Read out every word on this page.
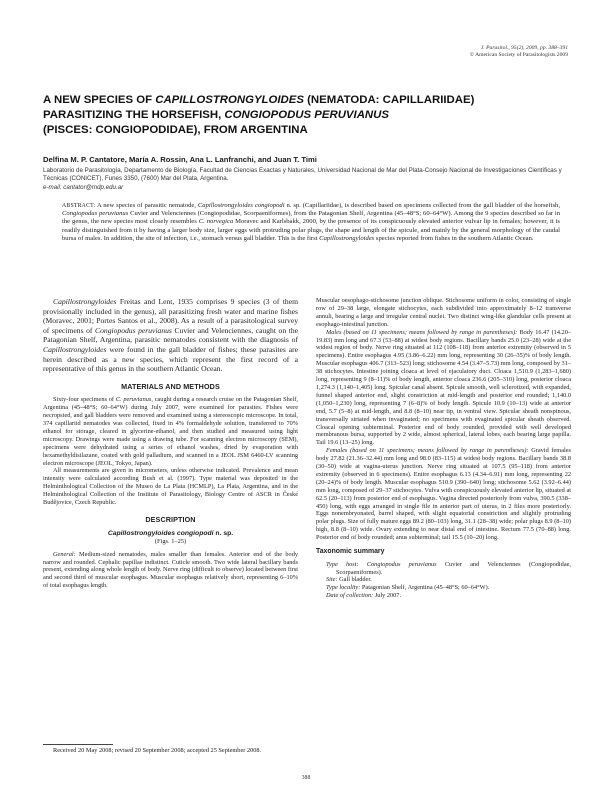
J. Parasitol., 95(2), 2009, pp. 388–391
© American Society of Parasitologists 2009
A NEW SPECIES OF CAPILLOSTRONGYLOIDES (NEMATODA: CAPILLARIIDAE)
PARASITIZING THE HORSEFISH, CONGIOPODUS PERUVIANUS
(PISCES: CONGIOPODIDAE), FROM ARGENTINA
Delfina M. P. Cantatore, María A. Rossin, Ana L. Lanfranchi, and Juan T. Timi
Laboratorio de Parasitología, Departamento de Biología, Facultad de Ciencias Exactas y Naturales, Universidad Nacional de Mar del Plata-Consejo Nacional de Investigaciones Científicas y Técnicas (CONICET), Funes 3350, (7600) Mar del Plata, Argentina.
e-mail: cantator@mdp.edu.ar
ABSTRACT: A new species of parasitic nematode, Capillostrongyloides congiopodi n. sp. (Capillariidae), is described based on specimens collected from the gall bladder of the horsefish, Congiopodus peruvianus Cuvier and Velenciennes (Congiopodidae, Scorpaeniformes), from the Patagonian Shelf, Argentina (45–48°S; 60–64°W). Among the 9 species described so far in the genus, the new species most closely resembles C. norvegica Moravec and Karlsbakk, 2000, by the presence of its conspicuously elevated anterior vulvar lip in females; however, it is readily distinguished from it by having a larger body size, larger eggs with protruding polar plugs, the shape and length of the spicule, and mainly by the general morphology of the caudal bursa of males. In addition, the site of infection, i.e., stomach versus gall bladder. This is the first Capillostrongyloides species reported from fishes in the southern Atlantic Ocean.

Capillostrongyloides Freitas and Lent, 1935 comprises 9 species (3 of them provisionally included in the genus), all parasitizing fresh water and marine fishes (Moravec, 2001; Portes Santos et al., 2008). As a result of a parasitological survey of specimens of Congiopodus peruvianus Cuvier and Velenciennes, caught on the Patagonian Shelf, Argentina, parasitic nematodes consistent with the diagnosis of Capillostrongyloides were found in the gall bladder of fishes; these parasites are herein described as a new species, which represent the first record of a representative of this genus in the southern Atlantic Ocean.

MATERIALS AND METHODS

Sixty-four specimens of C. peruvianus, caught during a research cruise on the Patagonian Shelf, Argentina (45–48°S; 60–64°W) during July 2007, were examined for parasites. Fishes were necropsied, and gall bladders were removed and examined using a stereoscopic microscope. In total, 374 capillariid nematodes was collected, fixed in 4% formaldehyde solution, transferred to 70% ethanol for storage, cleared in glycerine-ethanol, and then studied and measured using light microscopy. Drawings were made using a drawing tube. For scanning electron microscopy (SEM), specimens were dehydrated using a series of ethanol washes, dried by evaporation with hexamethyldisilazane, coated with gold palladium, and scanned in a JEOL JSM 6460-LV scanning electron microscope (JEOL, Tokyo, Japan).

All measurements are given in micrometers, unless otherwise indicated. Prevalence and mean intensity were calculated according Bush et al. (1997). Type material was deposited in the Helminthological Collection of the Museo de La Plata (HCMLP), La Plata, Argentina, and in the Helminthological Collection of the Institute of Parasitology, Biology Centre of ASCR in České Budějovice, Czech Republic.

DESCRIPTION
Capillostrongyloides congiopodi n. sp.

(Figs. 1–25)

General: Medium-sized nematodes, males smaller than females. Anterior end of the body narrow and rounded. Cephalic papillae indistinct. Cuticle smooth. Two wide lateral bacillary bands present, extending along whole length of body. Nerve ring (difficult to observe) located between first and second third of muscular esophagus. Muscular esophagus relatively short, representing 6–10% of total esophagus length.

Muscular oesophago-stichosome junction oblique. Stichosome uniform in color, consisting of single row of 29–38 large, elongate stichocytes, each subdivided into approximately 8–12 transverse annuli, bearing a large and irregular central nuclei. Two distinct wing-like glandular cells present at esophago-intestinal junction.

Males (based on 11 specimens; means followed by range in parentheses): Body 16.47 (14.20–19.83) mm long and 67.3 (53–88) at widest body regions. Bacillary bands 25.0 (23–28) wide at the widest region of body. Nerve ring situated at 112 (108–118) from anterior extremity (observed in 5 specimens). Entire esophagus 4.95 (3.86–6.22) mm long, representing 30 (26–35)% of body length. Muscular esophagus 406.7 (313–523) long; stichosome 4.54 (3.47–5.73) mm long, composed by 31–38 stichocytes. Intestine joining cloaca at level of ejaculatory duct. Cloaca 1,510.9 (1,283–1,680) long, representing 9 (8–11)% of body length, anterior cloaca 236.6 (205–310) long, posterior cloaca 1,274.3 (1,140–1,405) long. Spicular canal absent. Spicule smooth, well sclerotized, with expanded, funnel shaped anterior end, slight constriction at mid-length and posterior end rounded; 1,140.0 (1,050–1,230) long, representing 7 (6–8)% of body length. Spicule 10.9 (10–13) wide at anterior end, 5.7 (5–8) at mid-length, and 8.8 (8–10) near tip, in ventral view. Spicular sheath nonspinous, transversally striated when invaginated; no specimens with evaginated spicular sheath observed. Cloacal opening subterminal. Posterior end of body rounded, provided with well developed membranous bursa, supported by 2 wide, almost spherical, lateral lobes, each bearing large papilla. Tail 19.6 (13–25) long.

Females (based on 11 specimens; means followed by range in parentheses): Gravid females body 27.82 (21.36–32.44) mm long and 98.0 (83–115) at widest body regions. Bacillary bands 38.8 (30–50) wide at vagina-uterus junction. Nerve ring situated at 107.5 (95–118) from anterior extremity (observed in 6 specimens). Entire esophagus 6.13 (4.34–6.91) mm long, representing 22 (20–24)% of body length. Muscular esophagus 510.9 (390–640) long; stichosome 5.62 (3.92–6.44) mm long, composed of 29–37 stichocytes. Vulva with conspicuously elevated anterior lip, situated at 62.5 (20–113) from posterior end of esophagus. Vagina directed posteriorly from vulva, 390.5 (338–450) long, with eggs arranged in single file in anterior part of uterus, in 2 files more posteriorly. Eggs nonembryonated, barrel shaped, with slight equatorial constriction and slightly protruding polar plugs. Size of fully mature eggs 89.2 (80–103) long, 31.1 (28–38) wide; polar plugs 8.9 (8–10) high, 8.8 (8–10) wide. Ovary extending to near distal end of intestine. Rectum 77.5 (70–88) long. Posterior end of body rounded; anus subterminal; tail 15.5 (10–20) long.

Taxonomic summary
Type host: Congiopodus peruvianus Cuvier and Velenciennes (Congiopodidae, Scorpaeniformes).
Site: Gall bladder.
Type locality: Patagonian Shelf, Argentina (45–48°S; 60–64°W).
Date of collection: July 2007.
Received 20 May 2008; revised 20 September 2008; accepted 25 September 2008.
388
